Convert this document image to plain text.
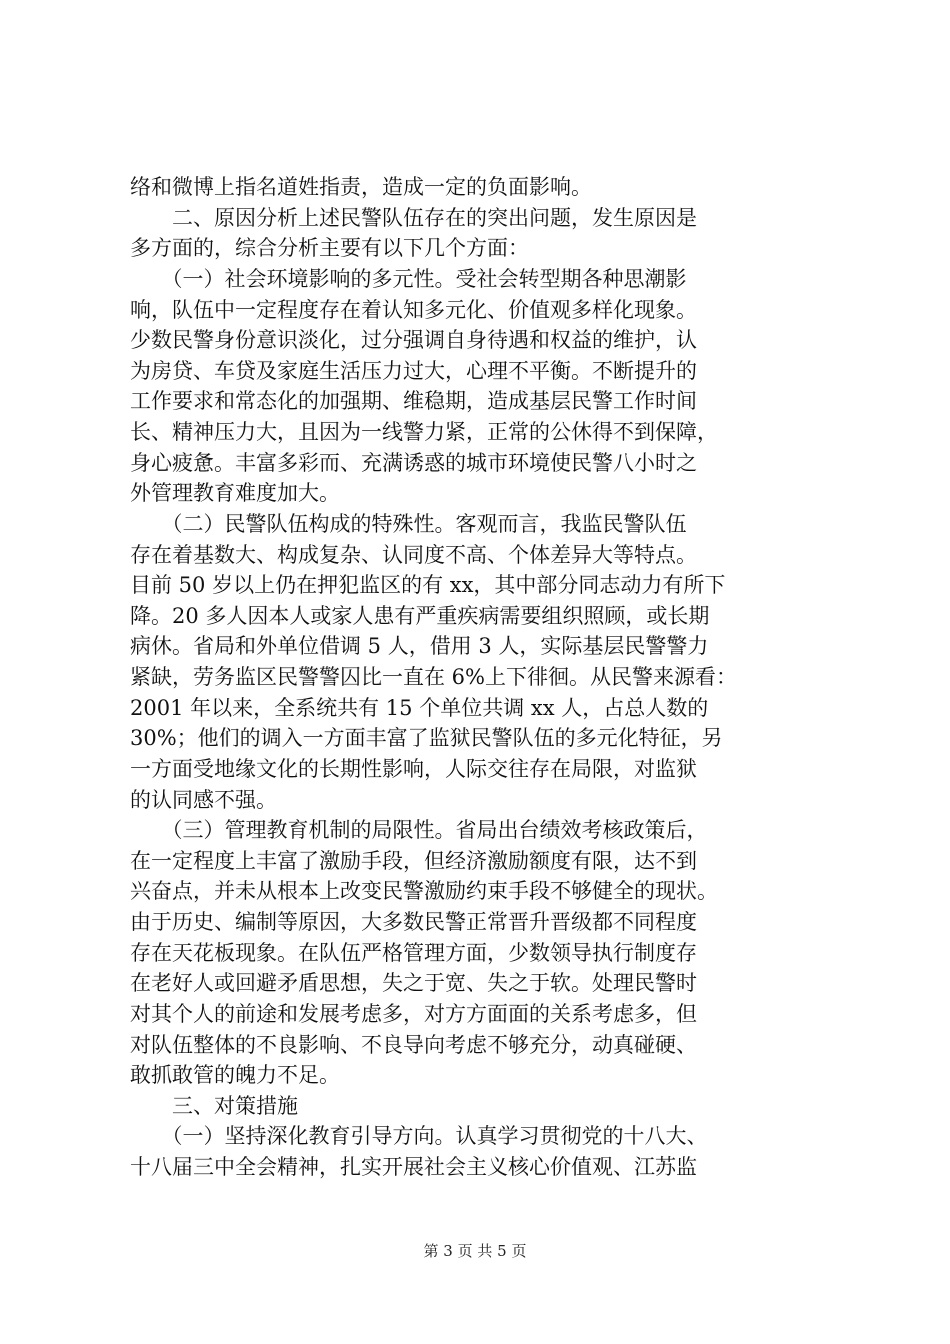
络和微博上指名道姓指责，造成一定的负面影响。
　　二、原因分析上述民警队伍存在的突出问题，发生原因是
多方面的，综合分析主要有以下几个方面：
　　（一）社会环境影响的多元性。受社会转型期各种思潮影
响，队伍中一定程度存在着认知多元化、价值观多样化现象。
少数民警身份意识淡化，过分强调自身待遇和权益的维护，认
为房贷、车贷及家庭生活压力过大，心理不平衡。不断提升的
工作要求和常态化的加强期、维稳期，造成基层民警工作时间
长、精神压力大，且因为一线警力紧，正常的公休得不到保障，
身心疲惫。丰富多彩而、充满诱惑的城市环境使民警八小时之
外管理教育难度加大。
　　（二）民警队伍构成的特殊性。客观而言，我监民警队伍
存在着基数大、构成复杂、认同度不高、个体差异大等特点。
目前 50 岁以上仍在押犯监区的有 xx，其中部分同志动力有所下
降。20 多人因本人或家人患有严重疾病需要组织照顾，或长期
病休。省局和外单位借调 5 人，借用 3 人，实际基层民警警力
紧缺，劳务监区民警警囚比一直在 6%上下徘徊。从民警来源看：
2001 年以来，全系统共有 15 个单位共调 xx 人，占总人数的
30%；他们的调入一方面丰富了监狱民警队伍的多元化特征，另
一方面受地缘文化的长期性影响，人际交往存在局限，对监狱
的认同感不强。
　　（三）管理教育机制的局限性。省局出台绩效考核政策后，
在一定程度上丰富了激励手段，但经济激励额度有限，达不到
兴奋点，并未从根本上改变民警激励约束手段不够健全的现状。
由于历史、编制等原因，大多数民警正常晋升晋级都不同程度
存在天花板现象。在队伍严格管理方面，少数领导执行制度存
在老好人或回避矛盾思想，失之于宽、失之于软。处理民警时
对其个人的前途和发展考虑多，对方方面面的关系考虑多，但
对队伍整体的不良影响、不良导向考虑不够充分，动真碰硬、
敢抓敢管的魄力不足。
　　三、对策措施
　　（一）坚持深化教育引导方向。认真学习贯彻党的十八大、
十八届三中全会精神，扎实开展社会主义核心价值观、江苏监
第 3 页 共 5 页
